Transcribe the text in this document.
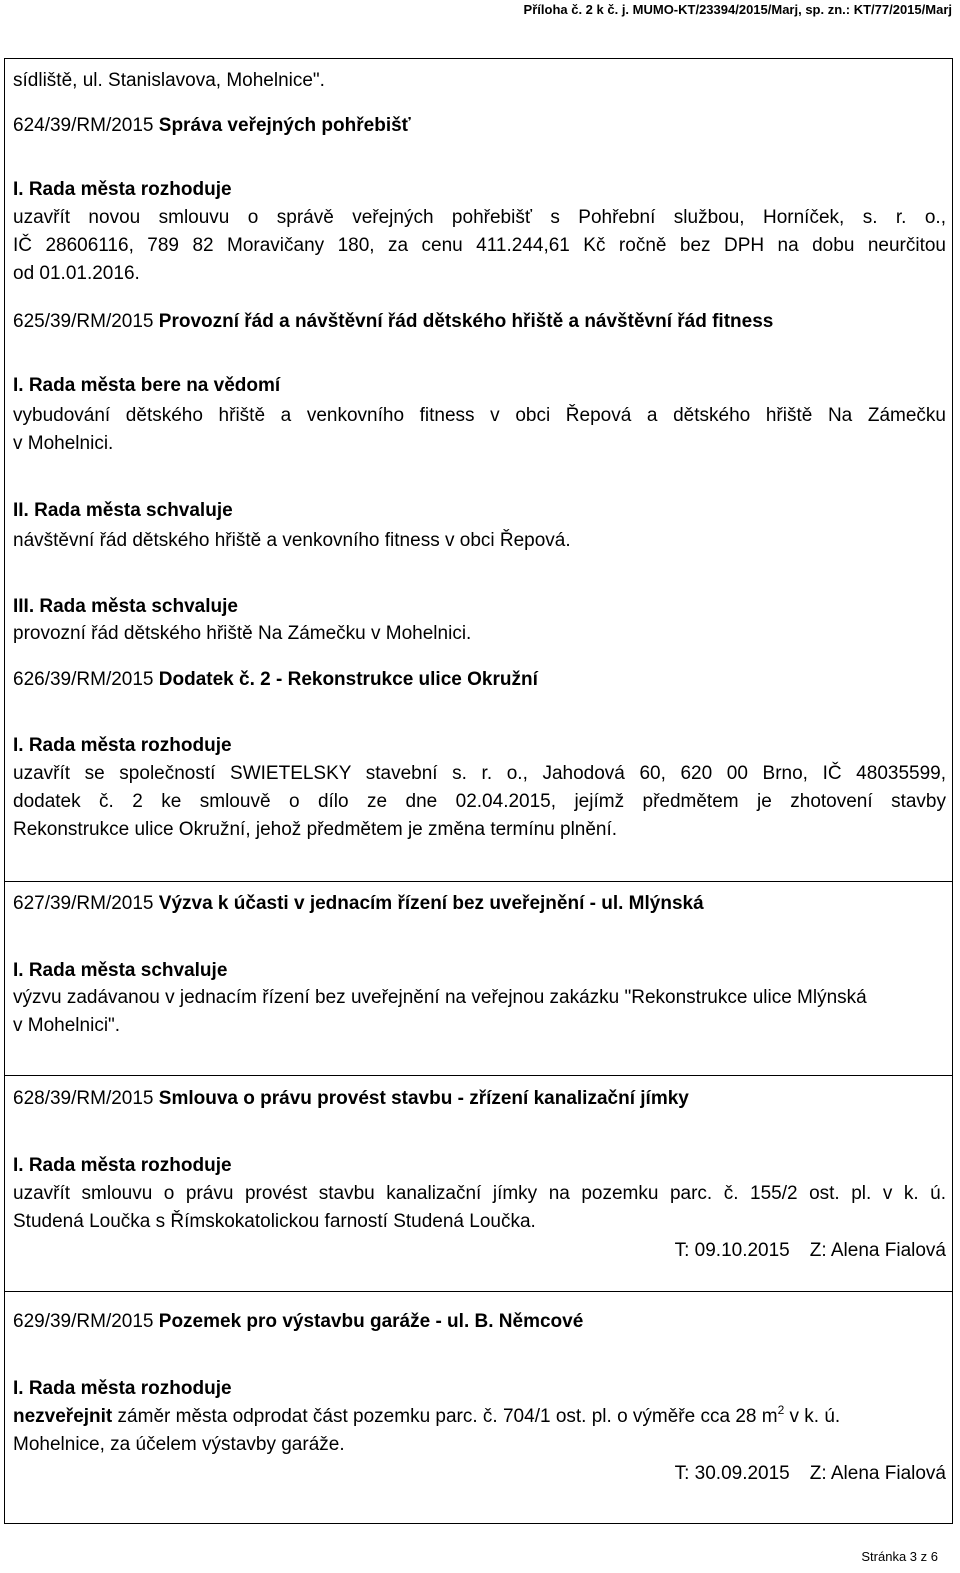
Příloha č. 2 k č. j. MUMO-KT/23394/2015/Marj, sp. zn.: KT/77/2015/Marj
sídliště, ul. Stanislavova, Mohelnice".
624/39/RM/2015 Správa veřejných pohřebišť
I. Rada města rozhoduje
uzavřít novou smlouvu o správě veřejných pohřebišť s Pohřební službou, Horníček, s. r. o.,
IČ 28606116, 789 82 Moravičany 180, za cenu 411.244,61 Kč ročně bez DPH na dobu neurčitou
od 01.01.2016.
625/39/RM/2015 Provozní řád a návštěvní řád dětského hřiště a návštěvní řád fitness
I. Rada města bere na vědomí
vybudování dětského hřiště a venkovního fitness v obci Řepová a dětského hřiště Na Zámečku
v Mohelnici.
II. Rada města schvaluje
návštěvní řád dětského hřiště a venkovního fitness v obci Řepová.
III. Rada města schvaluje
provozní řád dětského hřiště Na Zámečku v Mohelnici.
626/39/RM/2015 Dodatek č. 2 - Rekonstrukce ulice Okružní
I. Rada města rozhoduje
uzavřít se společností SWIETELSKY stavební s. r. o., Jahodová 60, 620 00 Brno, IČ 48035599,
dodatek č. 2 ke smlouvě o dílo ze dne 02.04.2015, jejímž předmětem je zhotovení stavby
Rekonstrukce ulice Okružní, jehož předmětem je změna termínu plnění.
627/39/RM/2015 Výzva k účasti v jednacím řízení bez uveřejnění - ul. Mlýnská
I. Rada města schvaluje
výzvu zadávanou v jednacím řízení bez uveřejnění na veřejnou zakázku "Rekonstrukce ulice Mlýnská
v Mohelnici".
628/39/RM/2015 Smlouva o právu provést stavbu - zřízení kanalizační jímky
I. Rada města rozhoduje
uzavřít smlouvu o právu provést stavbu kanalizační jímky na pozemku parc. č. 155/2 ost. pl. v k. ú.
Studená Loučka s Římskokatolickou farností Studená Loučka.
T: 09.10.2015 Z: Alena Fialová
629/39/RM/2015 Pozemek pro výstavbu garáže - ul. B. Němcové
I. Rada města rozhoduje
nezveřejnit záměr města odprodat část pozemku parc. č. 704/1 ost. pl. o výměře cca 28 $m^2$ v k. ú.
Mohelnice, za účelem výstavby garáže.
T: 30.09.2015 Z: Alena Fialová
Stránka 3 z 6
